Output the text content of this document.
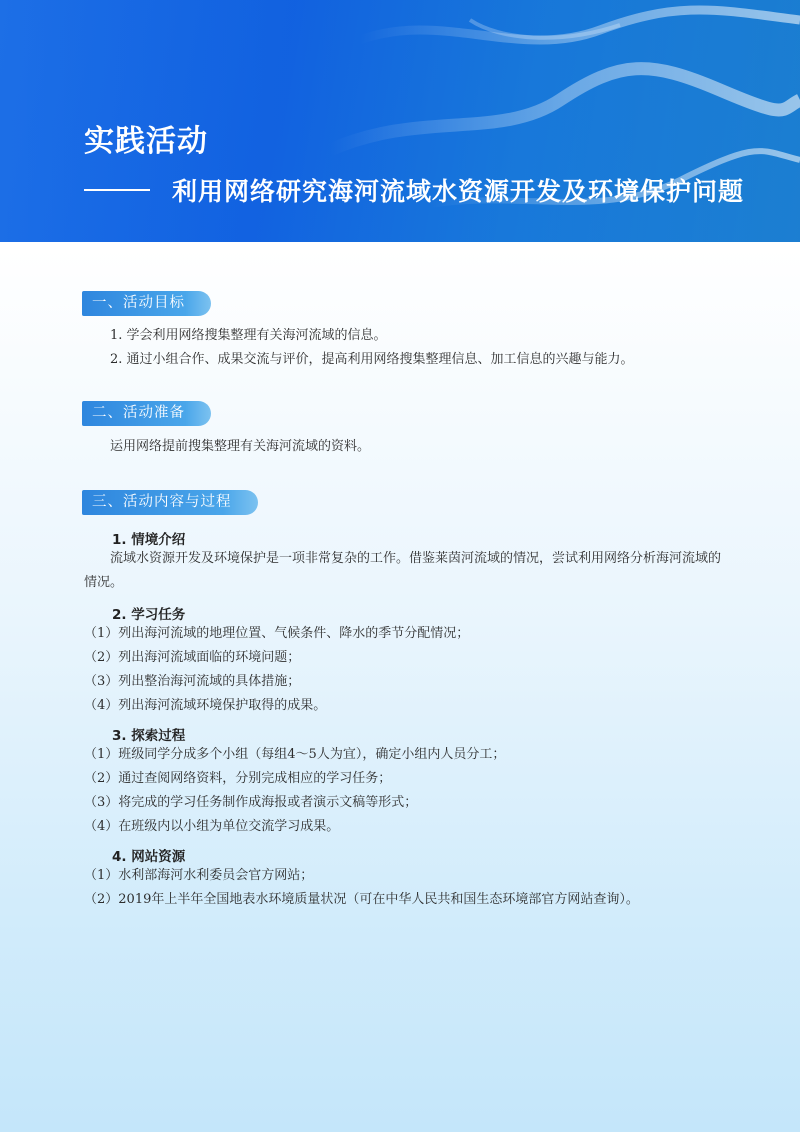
实践活动
利用网络研究海河流域水资源开发及环境保护问题
一、活动目标

1. 学会利用网络搜集整理有关海河流域的信息。

2. 通过小组合作、成果交流与评价，提高利用网络搜集整理信息、加工信息的兴趣与能力。

二、活动准备

运用网络提前搜集整理有关海河流域的资料。

三、活动内容与过程

1. 情境介绍

流域水资源开发及环境保护是一项非常复杂的工作。借鉴莱茵河流域的情况，尝试利用网络分析海河流域的情况。

2. 学习任务

（1）列出海河流域的地理位置、气候条件、降水的季节分配情况；

（2）列出海河流域面临的环境问题；

（3）列出整治海河流域的具体措施；

（4）列出海河流域环境保护取得的成果。

3. 探索过程

（1）班级同学分成多个小组（每组4～5人为宜），确定小组内人员分工；

（2）通过查阅网络资料，分别完成相应的学习任务；

（3）将完成的学习任务制作成海报或者演示文稿等形式；

（4）在班级内以小组为单位交流学习成果。

4. 网站资源

（1）水利部海河水利委员会官方网站；

（2）2019年上半年全国地表水环境质量状况（可在中华人民共和国生态环境部官方网站查询）。
